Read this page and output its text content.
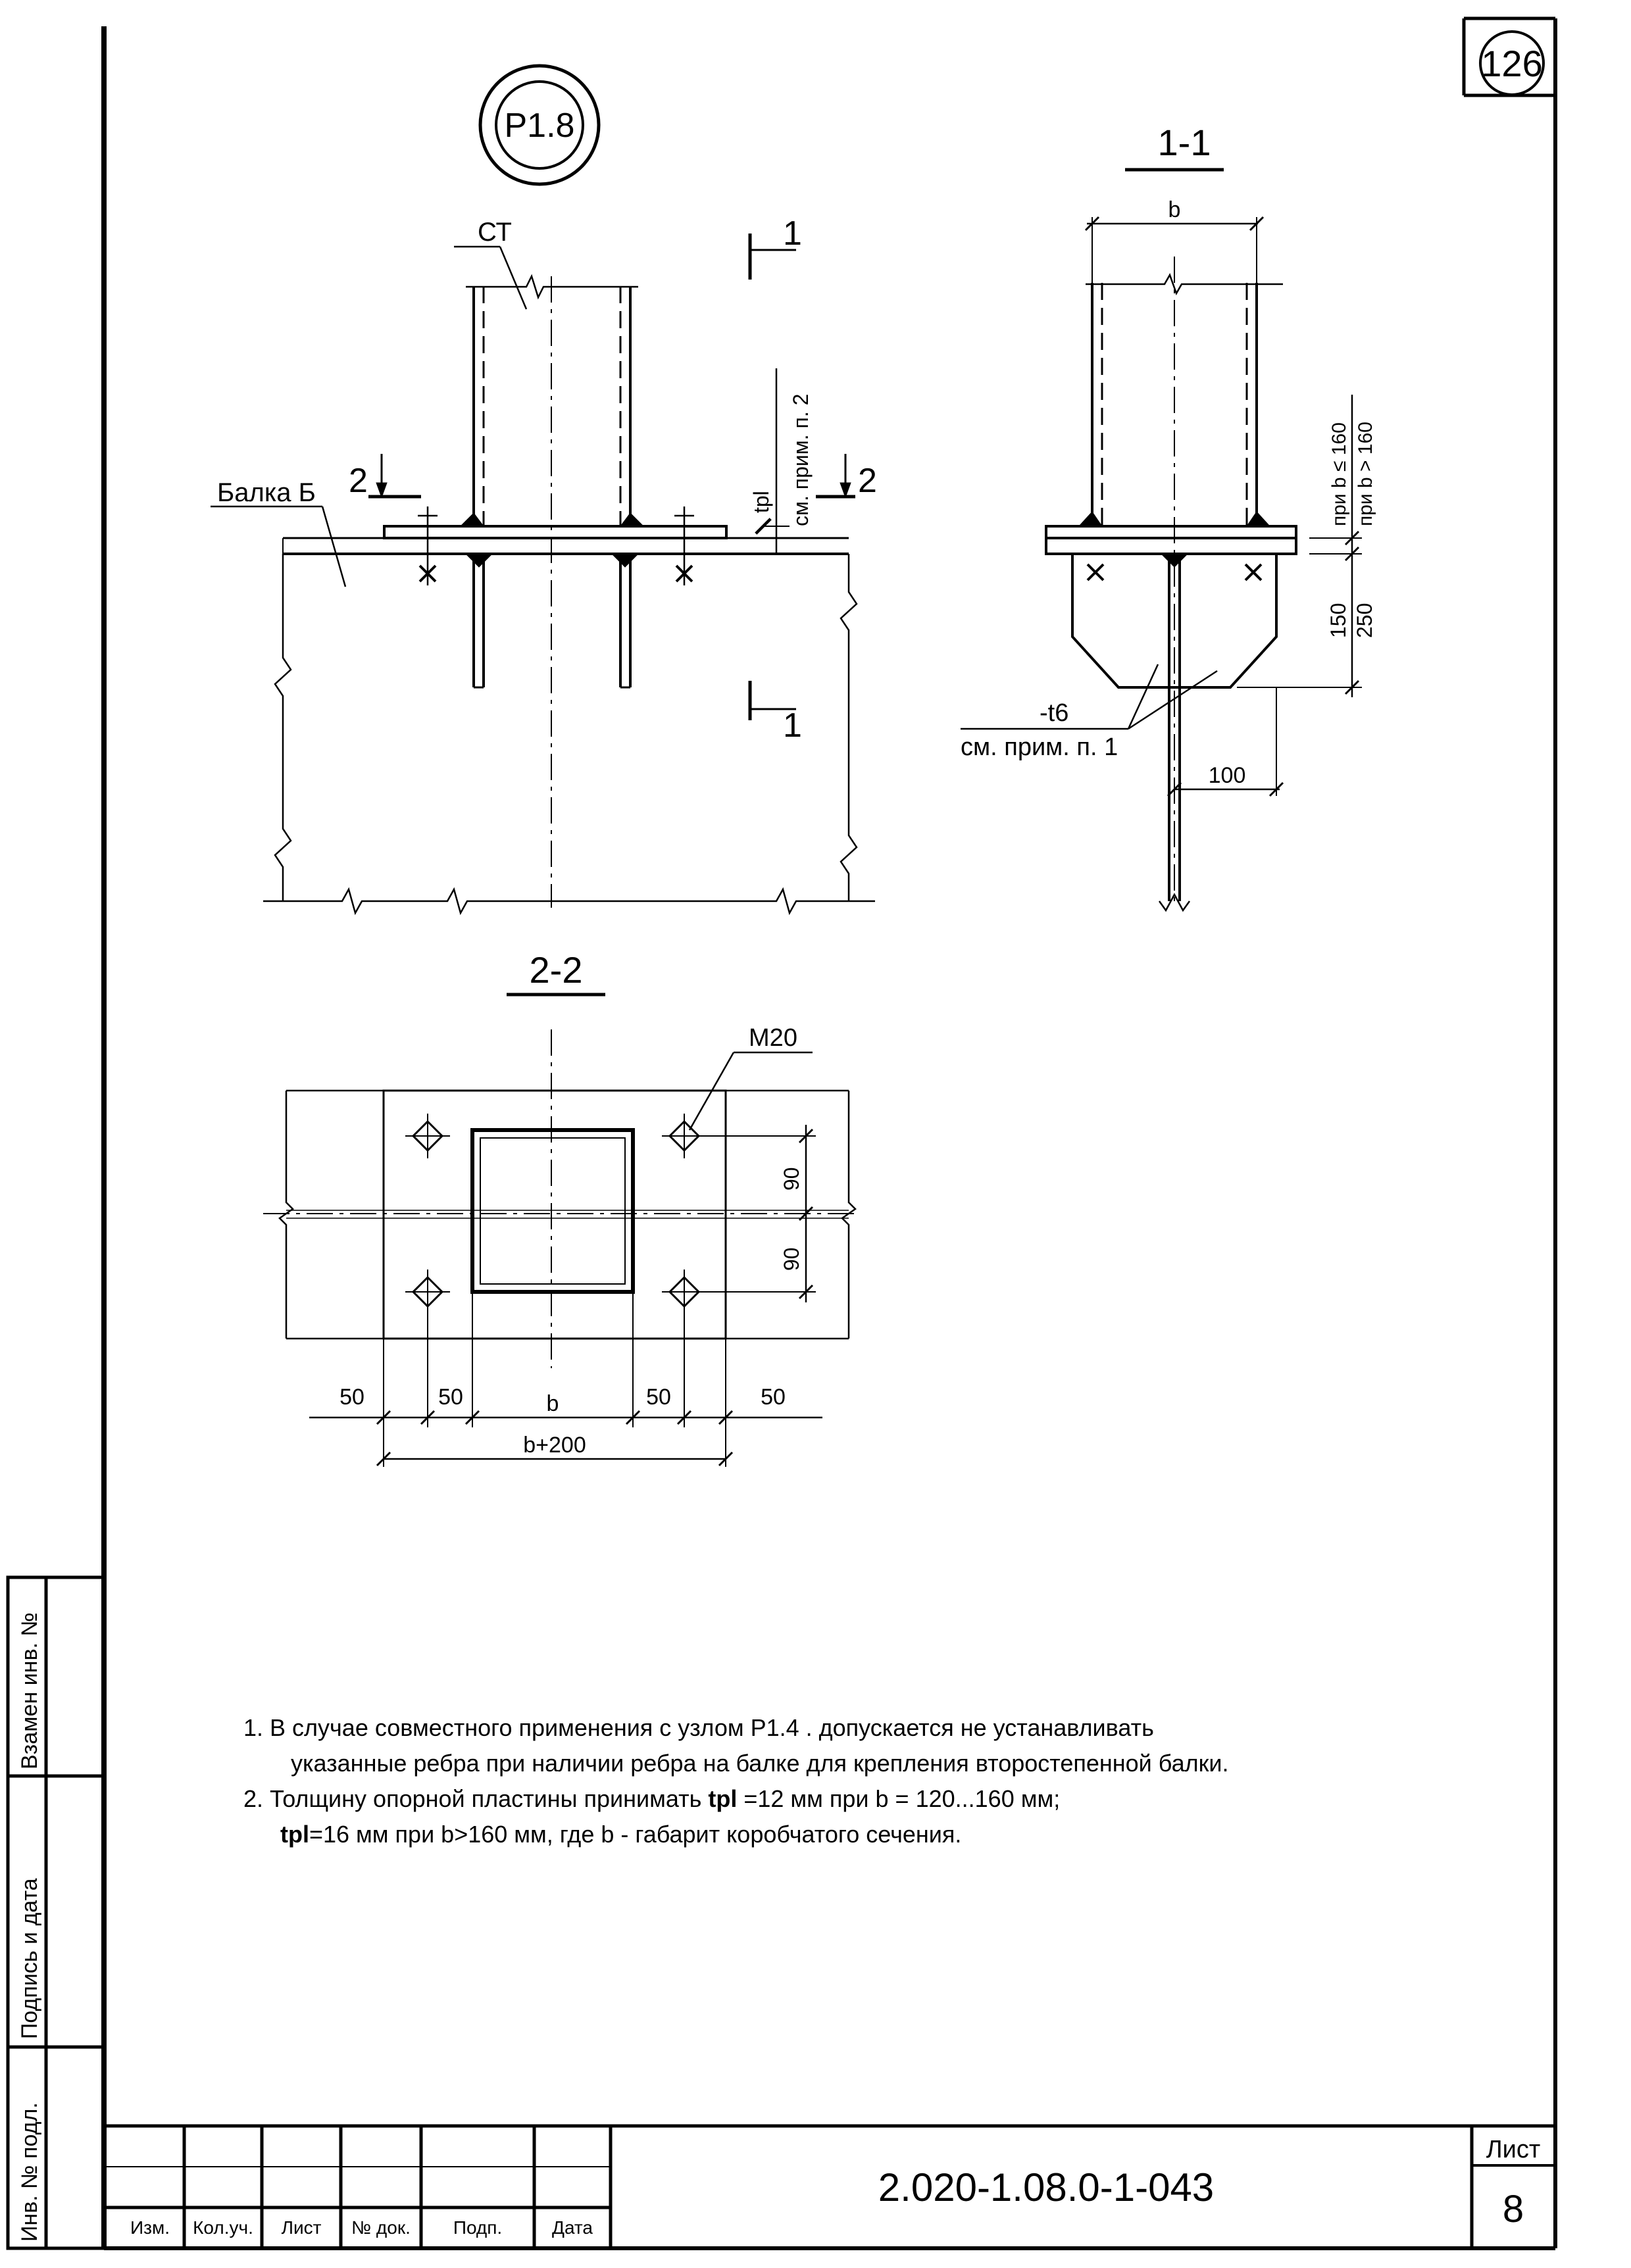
126
Взамен инв. №
Подпись и дата
Инв. № подл.	Изм. Кол.уч. Лист № док. Подп.	Дата
2.020-1.08.0-1-043
Лист
8
Р1.8
СТ
Балка Б
1
1
2	2
tpl см. прим. п. 2
1-1
b
при b ≤ 160 при b > 160
150 250
-t6
см. прим. п. 1
100
2-2
М20
90
90
50	50	b	50	50
b+200
1. В случае совместного применения с узлом Р1.4 . допускается не устанавливать
указанные ребра при наличии ребра на балке для крепления второстепенной балки.
2. Толщину опорной пластины принимать tpl =12 мм при b = 120...160 мм;
tpl=16 мм при b>160 мм, где b - габарит коробчатого сечения.
